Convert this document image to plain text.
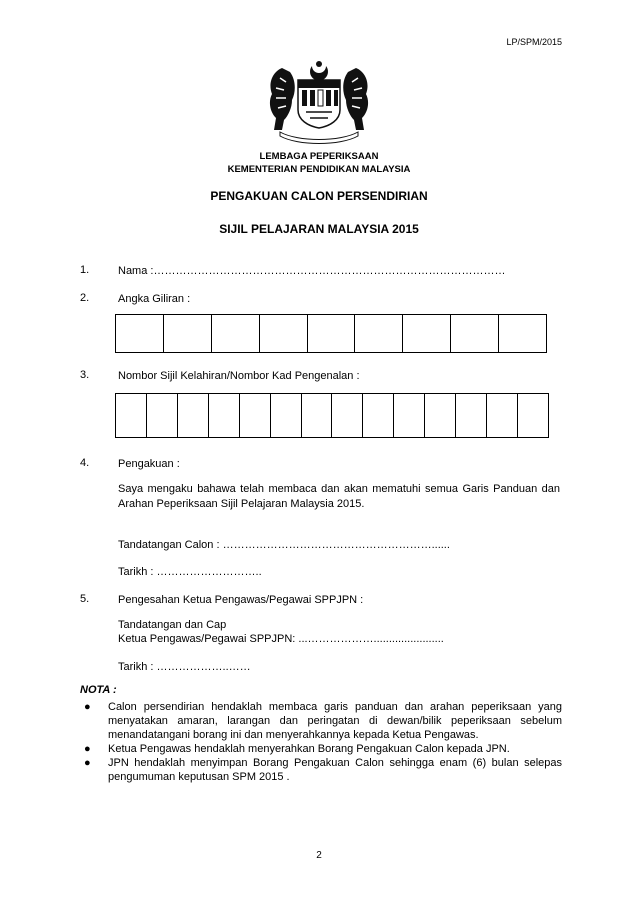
LP/SPM/2015
LEMBAGA PEPERIKSAAN
KEMENTERIAN PENDIDIKAN MALAYSIA
PENGAKUAN CALON PERSENDIRIAN
SIJIL PELAJARAN MALAYSIA 2015
1.	Nama :……………………………………………………………………………………
2.	Angka Giliran :
3.	Nombor Sijil Kelahiran/Nombor Kad Pengenalan :
4.	Pengakuan :
Saya mengaku bahawa telah membaca dan akan mematuhi semua Garis Panduan dan Arahan Peperiksaan Sijil Pelajaran Malaysia 2015.
Tandatangan Calon : …………………………………………………......
Tarikh : ………………………..
5.	Pengesahan Ketua Pengawas/Pegawai SPPJPN :
Tandatangan dan Cap
Ketua Pengawas/Pegawai SPPJPN: ...……………….......................
Tarikh : ………………..……
NOTA :
● Calon persendirian hendaklah membaca garis panduan dan arahan peperiksaan yang menyatakan amaran, larangan dan peringatan di dewan/bilik peperiksaan sebelum menandatangani borang ini dan menyerahkannya kepada Ketua Pengawas.
● Ketua Pengawas hendaklah menyerahkan Borang Pengakuan Calon kepada JPN.
● JPN hendaklah menyimpan Borang Pengakuan Calon sehingga enam (6) bulan selepas pengumuman keputusan SPM 2015 .
2
